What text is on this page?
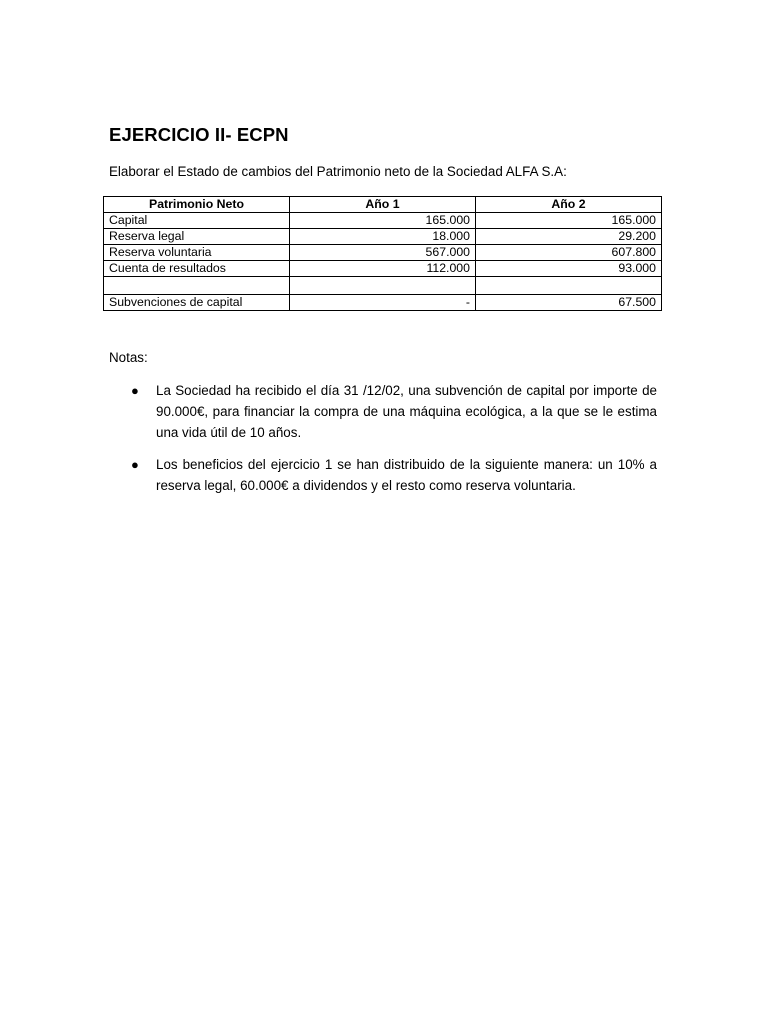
EJERCICIO II- ECPN
Elaborar el Estado de cambios del Patrimonio neto de la Sociedad ALFA S.A:
Patrimonio Neto	Año 1	Año 2
Capital	165.000	165.000
Reserva legal	18.000	29.200
Reserva voluntaria	567.000	607.800
Cuenta de resultados	112.000	93.000

Subvenciones de capital	-	67.500
Notas:
● La Sociedad ha recibido el día 31 /12/02, una subvención de capital por importe de 90.000€, para financiar la compra de una máquina ecológica, a la que se le estima una vida útil de 10 años.
● Los beneficios del ejercicio 1 se han distribuido de la siguiente manera: un 10% a reserva legal, 60.000€ a dividendos y el resto como reserva voluntaria.
